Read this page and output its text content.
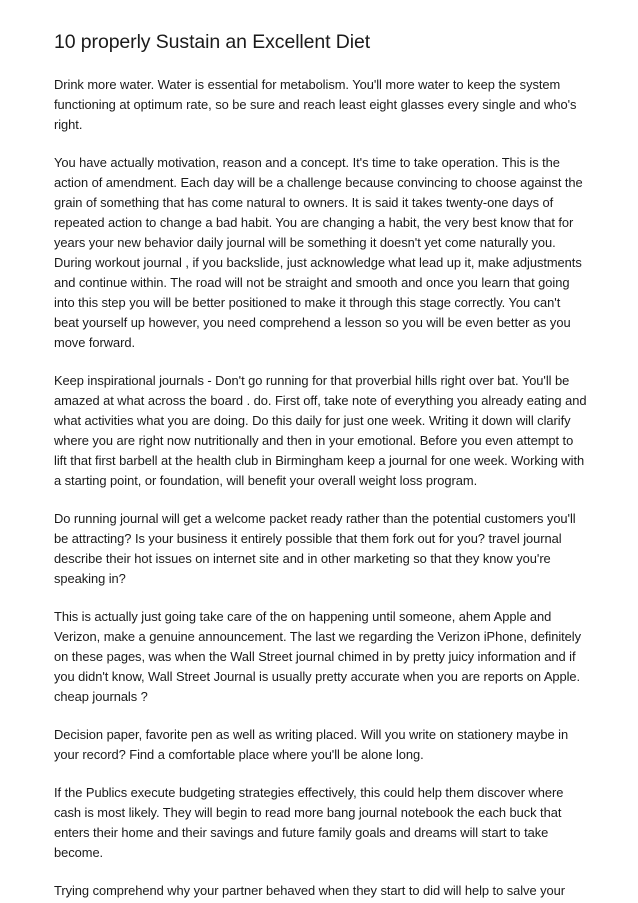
10 properly Sustain an Excellent Diet

Drink more water. Water is essential for metabolism. You'll more water to keep the system functioning at optimum rate, so be sure and reach least eight glasses every single and who's right.

You have actually motivation, reason and a concept. It's time to take operation. This is the action of amendment. Each day will be a challenge because convincing to choose against the grain of something that has come natural to owners. It is said it takes twenty-one days of repeated action to change a bad habit. You are changing a habit, the very best know that for years your new behavior daily journal will be something it doesn't yet come naturally you. During workout journal , if you backslide, just acknowledge what lead up it, make adjustments and continue within. The road will not be straight and smooth and once you learn that going into this step you will be better positioned to make it through this stage correctly. You can't beat yourself up however, you need comprehend a lesson so you will be even better as you move forward.

Keep inspirational journals - Don't go running for that proverbial hills right over bat. You'll be amazed at what across the board . do. First off, take note of everything you already eating and what activities what you are doing. Do this daily for just one week. Writing it down will clarify where you are right now nutritionally and then in your emotional. Before you even attempt to lift that first barbell at the health club in Birmingham keep a journal for one week. Working with a starting point, or foundation, will benefit your overall weight loss program.

Do running journal will get a welcome packet ready rather than the potential customers you'll be attracting? Is your business it entirely possible that them fork out for you? travel journal describe their hot issues on internet site and in other marketing so that they know you're speaking in?

This is actually just going take care of the on happening until someone, ahem Apple and Verizon, make a genuine announcement. The last we regarding the Verizon iPhone, definitely on these pages, was when the Wall Street journal chimed in by pretty juicy information and if you didn't know, Wall Street Journal is usually pretty accurate when you are reports on Apple. cheap journals ?

Decision paper, favorite pen as well as writing placed. Will you write on stationery maybe in your record? Find a comfortable place where you'll be alone long.

If the Publics execute budgeting strategies effectively, this could help them discover where cash is most likely. They will begin to read more bang journal notebook the each buck that enters their home and their savings and future family goals and dreams will start to take become.

Trying comprehend why your partner behaved when they start to did will help to salve your
